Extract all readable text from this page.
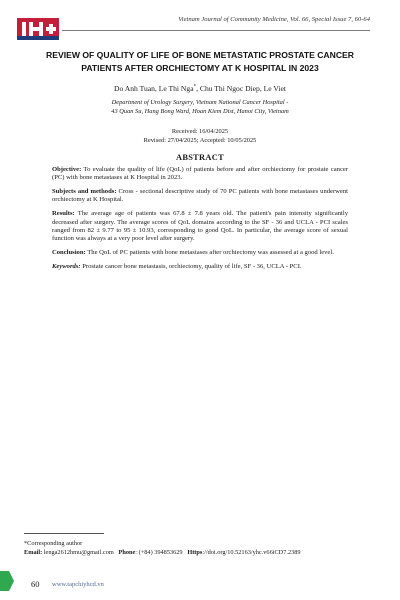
Vietnam Journal of Community Medicine, Vol. 66, Special Issue 7, 60-64
REVIEW OF QUALITY OF LIFE OF BONE METASTATIC PROSTATE CANCER PATIENTS AFTER ORCHIECTOMY AT K HOSPITAL IN 2023
Do Anh Tuan, Le Thi Nga*, Chu Thi Ngoc Diep, Le Viet
Department of Urology Surgery, Vietnam National Cancer Hospital -
43 Quan Su, Hang Bong Ward, Hoan Kiem Dist, Hanoi City, Vietnam
Received: 16/04/2025
Revised: 27/04/2025; Accepted: 10/05/2025
ABSTRACT

Objective: To evaluate the quality of life (QoL) of patients before and after orchiectomy for prostate cancer (PC) with bone metastases at K Hospital in 2023.

Subjects and methods: Cross - sectional descriptive study of 70 PC patients with bone metastases underwent orchiectomy at K Hospital.

Results: The average age of patients was 67.8 ± 7.8 years old. The patient's pain intensity significantly decreased after surgery. The average scores of QoL domains according to the SF - 36 and UCLA - PCI scales ranged from 82 ± 9.77 to 95 ± 10.93, corresponding to good QoL. In particular, the average score of sexual function was always at a very poor level after surgery.

Conclusion: The QoL of PC patients with bone metastases after orchiectomy was assessed at a good level.

Keywords: Prostate cancer bone metastasis, orchiectomy, quality of life, SF - 36, UCLA - PCI.

*Corresponding author
Email: lenga2612hmu@gmail.com Phone: (+84) 394853629 Https://doi.org/10.52163/yhc.v66iCD7.2389
60 www.tapchiyhcd.vn
